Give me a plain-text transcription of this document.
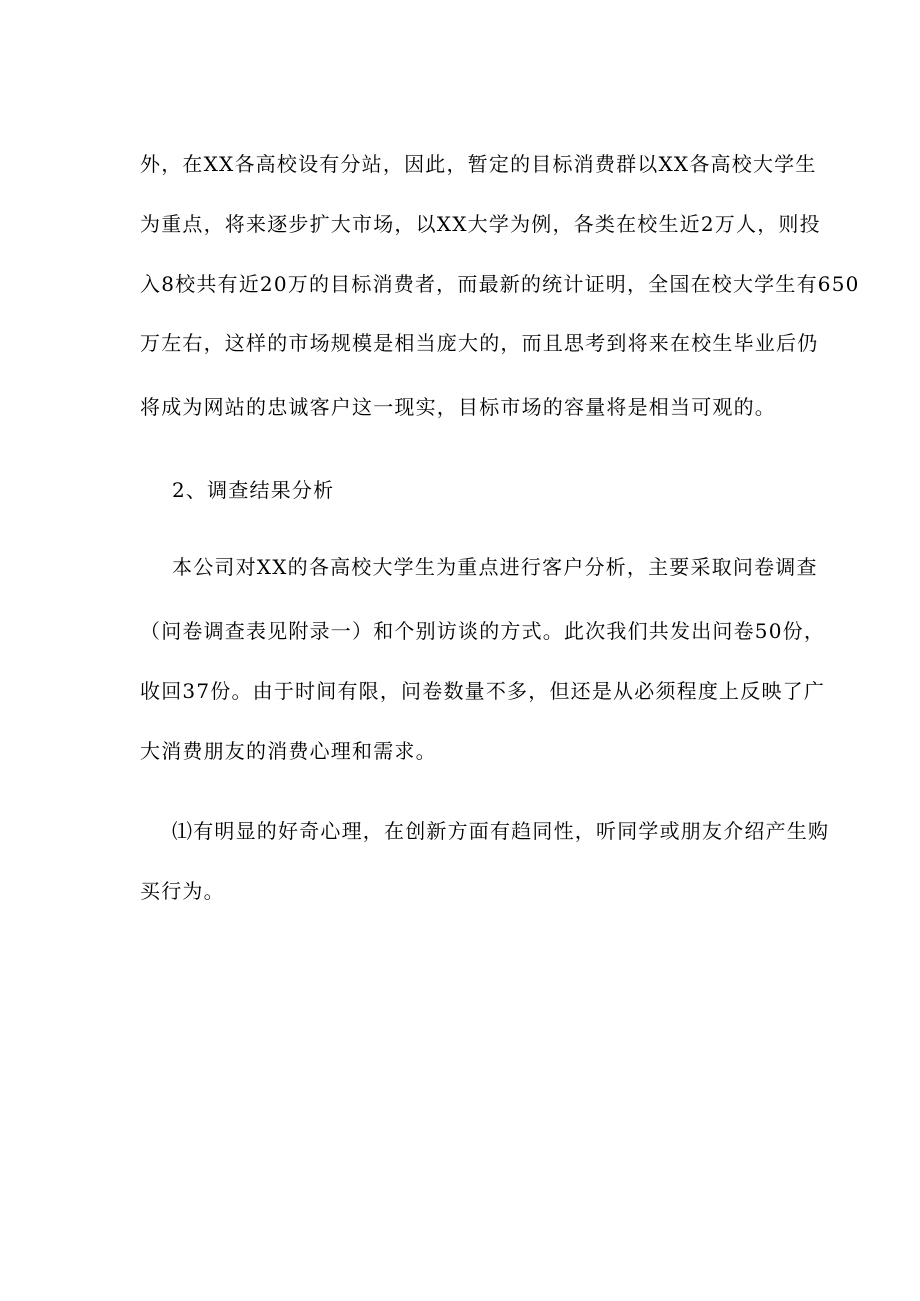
外，在XX各高校设有分站，因此，暂定的目标消费群以XX各高校大学生
为重点，将来逐步扩大市场，以XX大学为例，各类在校生近2万人，则投
入8校共有近20万的目标消费者，而最新的统计证明，全国在校大学生有650
万左右，这样的市场规模是相当庞大的，而且思考到将来在校生毕业后仍
将成为网站的忠诚客户这一现实，目标市场的容量将是相当可观的。
2、调查结果分析
本公司对XX的各高校大学生为重点进行客户分析，主要采取问卷调查
（问卷调查表见附录一）和个别访谈的方式。此次我们共发出问卷50份，
收回37份。由于时间有限，问卷数量不多，但还是从必须程度上反映了广
大消费朋友的消费心理和需求。
⑴有明显的好奇心理，在创新方面有趋同性，听同学或朋友介绍产生购
买行为。
